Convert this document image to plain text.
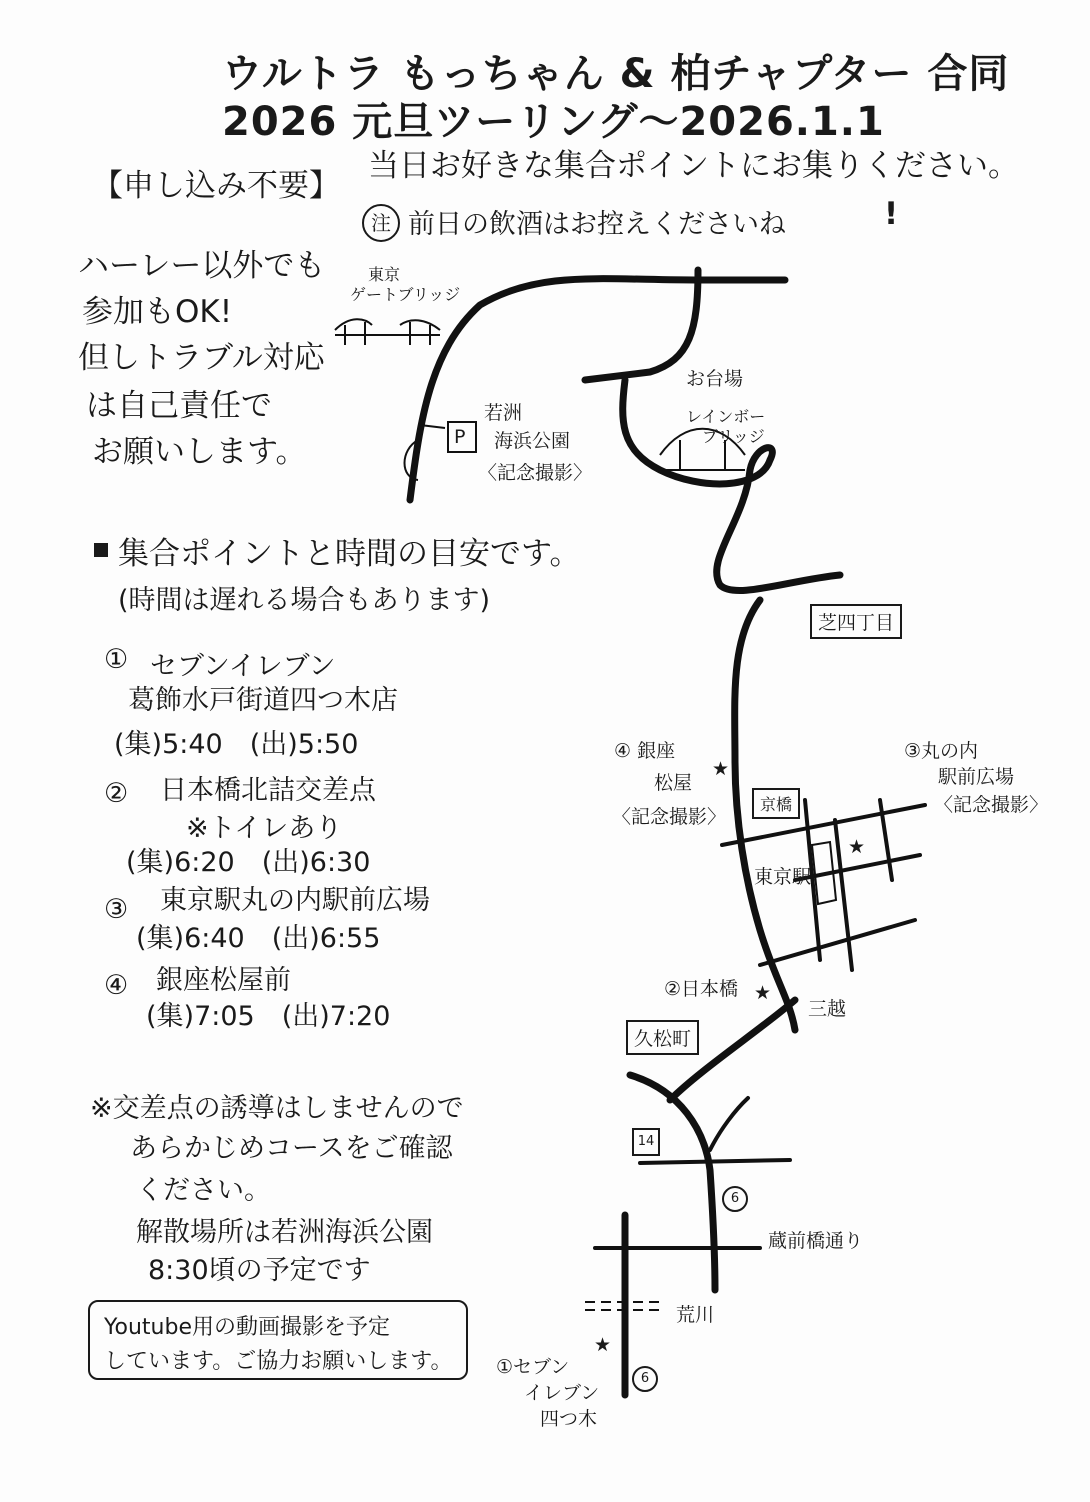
ウルトラ もっちゃん & 柏チャプター 合同
2026 元旦ツーリング〜2026.1.1
【申し込み不要】
当日お好きな集合ポイントにお集りください。
注 前日の飲酒はお控えくださいね	!
ハーレー以外でも
参加もOK!
但しトラブル対応
は自己責任で
お願いします。
集合ポイントと時間の目安です。
(時間は遅れる場合もあります)
① セブンイレブン
葛飾水戸街道四つ木店
(集)5:40　(出)5:50
② 日本橋北詰交差点
※トイレあり
(集)6:20　(出)6:30
③ 東京駅丸の内駅前広場
(集)6:40　(出)6:55
④ 銀座松屋前
(集)7:05　(出)7:20
※交差点の誘導はしませんので
あらかじめコースをご確認
ください。
解散場所は若洲海浜公園
8:30頃の予定です
Youtube用の動画撮影を予定
しています。ご協力お願いします。
東京
ゲートブリッジ
若洲
海浜公園
〈記念撮影〉
P
お台場
レインボー
ブリッジ
芝四丁目
④ 銀座
松屋
〈記念撮影〉
③丸の内
駅前広場
〈記念撮影〉
京橋
東京駅
②日本橋
三越
久松町
14
6
蔵前橋通り
荒川
①セブン
イレブン
四つ木
6
★
★
★
★
